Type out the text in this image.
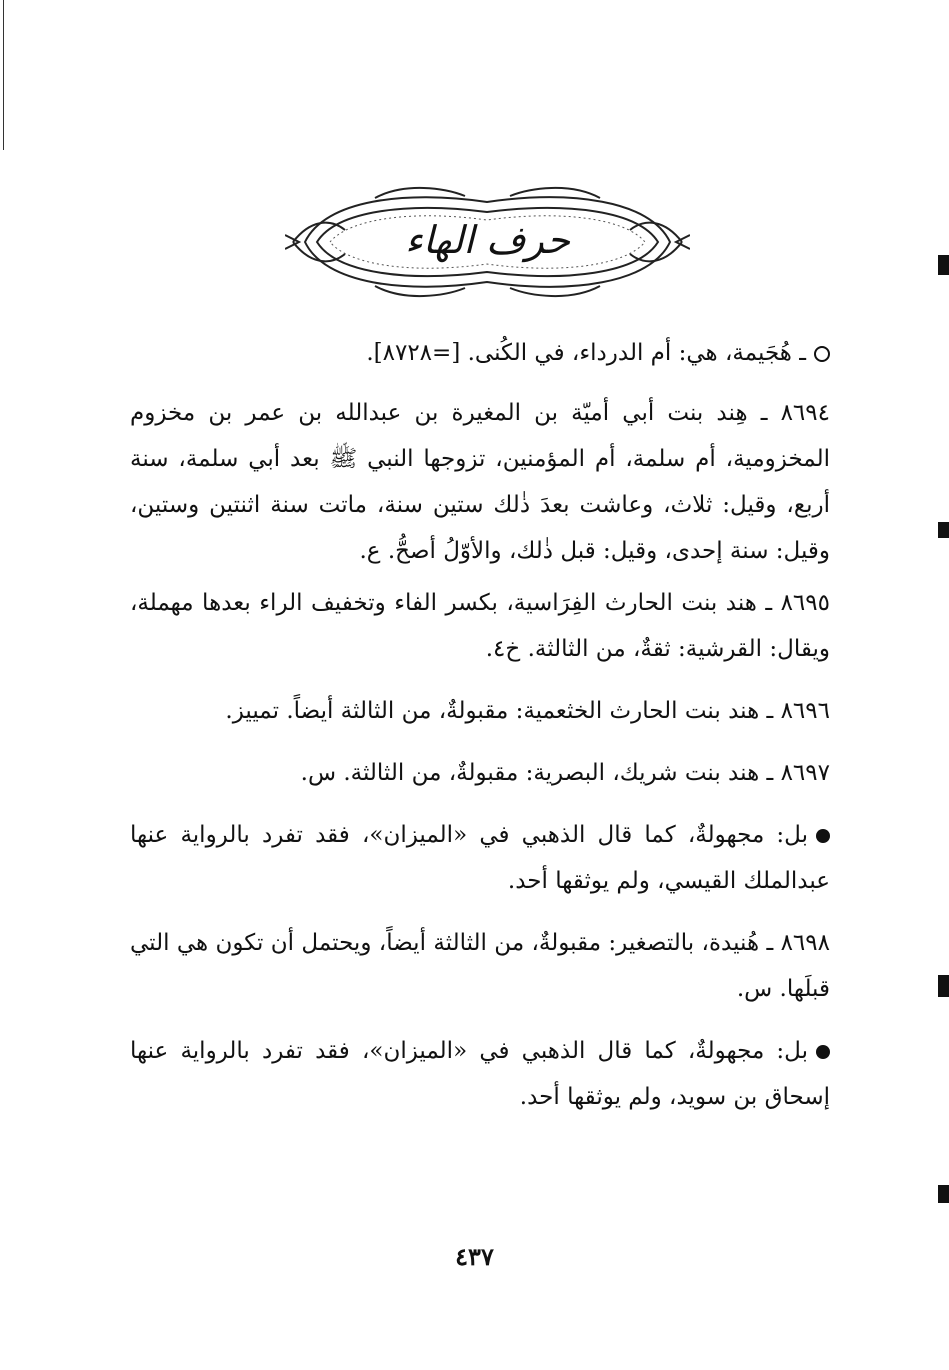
حرف الهاء
ـ هُجَيمة، هي: أم الدرداء، في الكُنى. [=٨٧٢٨].
٨٦٩٤ ـ هِند بنت أبي أميّة بن المغيرة بن عبدالله بن عمر بن مخزوم المخزومية، أم سلمة، أم المؤمنين، تزوجها النبي ﷺ بعد أبي سلمة، سنة أربع، وقيل: ثلاث، وعاشت بعدَ ذٰلك ستين سنة، ماتت سنة اثنتين وستين، وقيل: سنة إحدى، وقيل: قبل ذٰلك، والأوّلُ أصحُّ. ع.
٨٦٩٥ ـ هند بنت الحارث الفِرَاسية، بكسر الفاء وتخفيف الراء بعدها مهملة، ويقال: القرشية: ثقةٌ، من الثالثة. خ٤.
٨٦٩٦ ـ هند بنت الحارث الخثعمية: مقبولةٌ، من الثالثة أيضاً. تمييز.
٨٦٩٧ ـ هند بنت شريك، البصرية: مقبولةٌ، من الثالثة. س.
بل: مجهولةٌ، كما قال الذهبي في «الميزان»، فقد تفرد بالرواية عنها عبدالملك القيسي، ولم يوثقها أحد.
٨٦٩٨ ـ هُنيدة، بالتصغير: مقبولةٌ، من الثالثة أيضاً، ويحتمل أن تكون هي التي قبلَها. س.
بل: مجهولةٌ، كما قال الذهبي في «الميزان»، فقد تفرد بالرواية عنها إسحاق بن سويد، ولم يوثقها أحد.
٤٣٧
